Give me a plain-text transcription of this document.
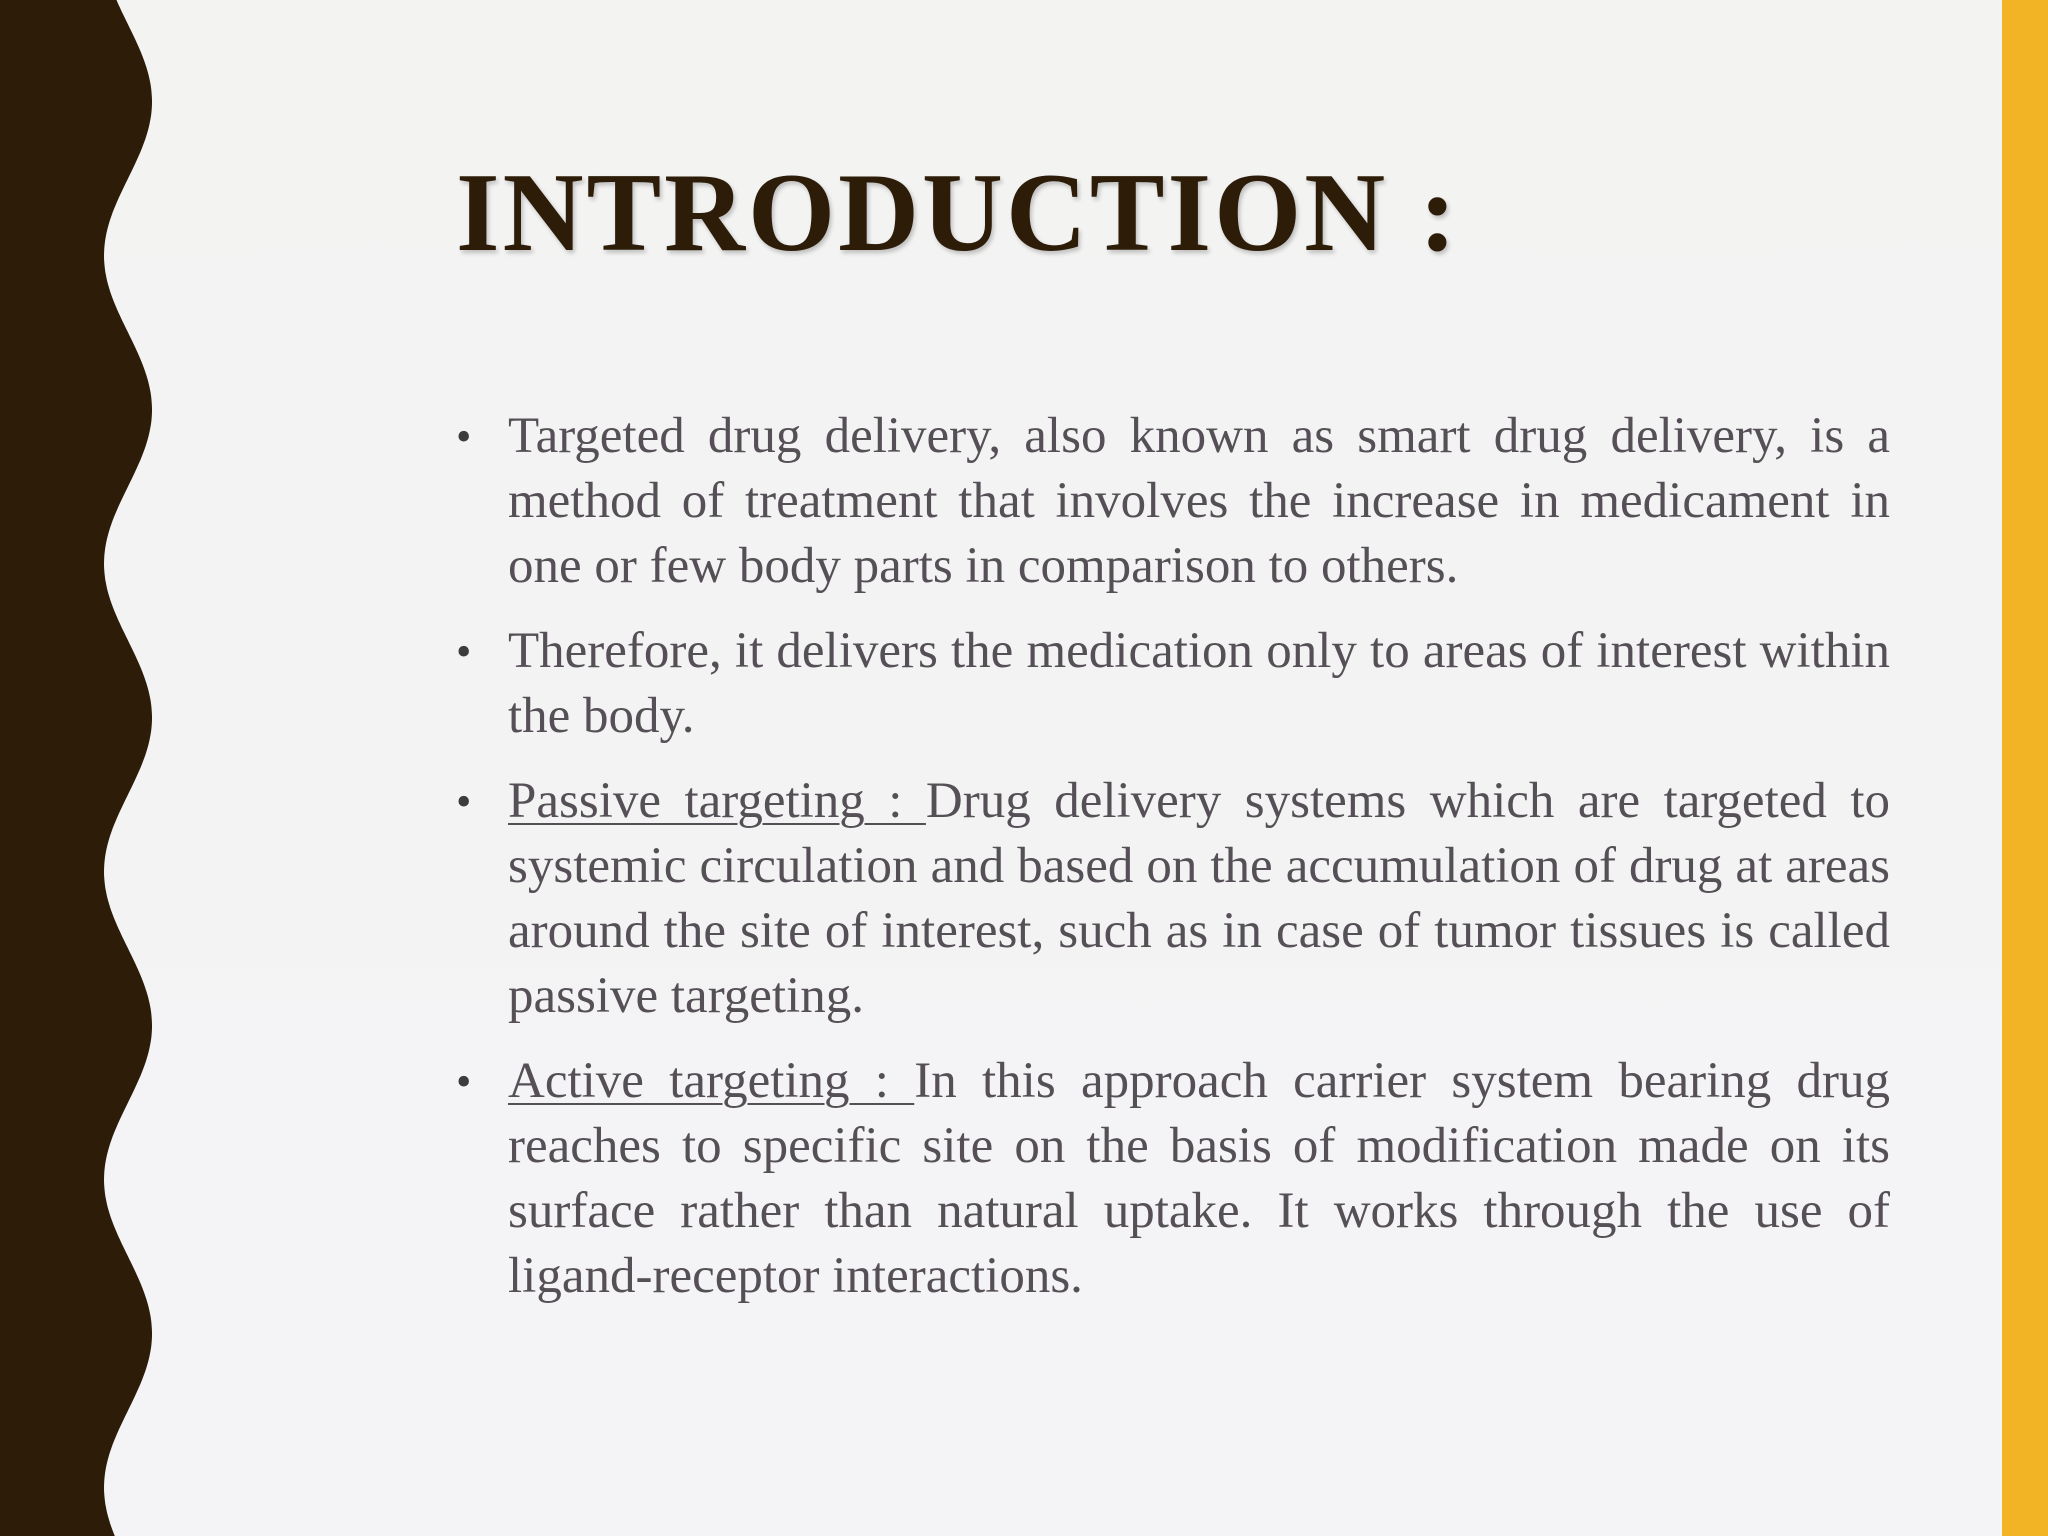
INTRODUCTION :
• Targeted drug delivery, also known as smart drug delivery, is a method of treatment that involves the increase in medicament in one or few body parts in comparison to others.
• Therefore, it delivers the medication only to areas of interest within the body.
• Passive targeting : Drug delivery systems which are targeted to systemic circulation and based on the accumulation of drug at areas around the site of interest, such as in case of tumor tissues is called passive targeting.
• Active targeting : In this approach carrier system bearing drug reaches to specific site on the basis of modification made on its surface rather than natural uptake. It works through the use of ligand-receptor interactions.
